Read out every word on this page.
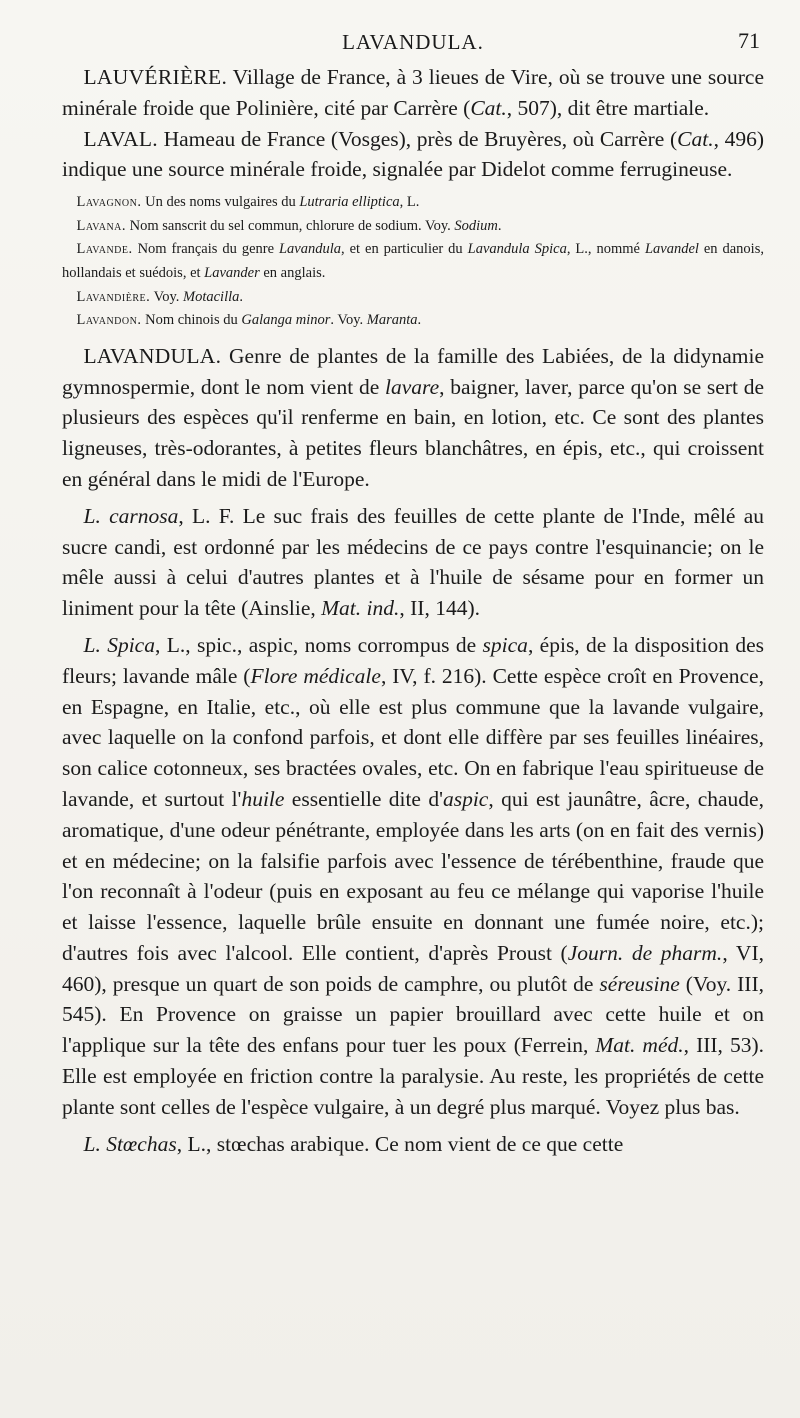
LAVANDULA.	71

 LAUVÉRIÈRE. Village de France, à 3 lieues de Vire, où se trouve une source minérale froide que Polinière, cité par Carrère (Cat., 507), dit être martiale.

 LAVAL. Hameau de France (Vosges), près de Bruyères, où Carrère (Cat., 496) indique une source minérale froide, signalée par Didelot comme ferrugineuse.

 Lavagnon. Un des noms vulgaires du Lutraria elliptica, L.

 Lavana. Nom sanscrit du sel commun, chlorure de sodium. Voy. Sodium.

 Lavande. Nom français du genre Lavandula, et en particulier du Lavandula Spica, L., nommé Lavandel en danois, hollandais et suédois, et Lavander en anglais.

 Lavandière. Voy. Motacilla.

 Lavandon. Nom chinois du Galanga minor. Voy. Maranta.

 LAVANDULA. Genre de plantes de la famille des Labiées, de la didynamie gymnospermie, dont le nom vient de lavare, baigner, laver, parce qu'on se sert de plusieurs des espèces qu'il renferme en bain, en lotion, etc. Ce sont des plantes ligneuses, très-odorantes, à petites fleurs blanchâtres, en épis, etc., qui croissent en général dans le midi de l'Europe.

 L. carnosa, L. F. Le suc frais des feuilles de cette plante de l'Inde, mêlé au sucre candi, est ordonné par les médecins de ce pays contre l'esquinancie; on le mêle aussi à celui d'autres plantes et à l'huile de sésame pour en former un liniment pour la tête (Ainslie, Mat. ind., II, 144).

 L. Spica, L., spic., aspic, noms corrompus de spica, épis, de la disposition des fleurs; lavande mâle (Flore médicale, IV, f. 216). Cette espèce croît en Provence, en Espagne, en Italie, etc., où elle est plus commune que la lavande vulgaire, avec laquelle on la confond parfois, et dont elle diffère par ses feuilles linéaires, son calice cotonneux, ses bractées ovales, etc. On en fabrique l'eau spiritueuse de lavande, et surtout l'huile essentielle dite d'aspic, qui est jaunâtre, âcre, chaude, aromatique, d'une odeur pénétrante, employée dans les arts (on en fait des vernis) et en médecine; on la falsifie parfois avec l'essence de térébenthine, fraude que l'on reconnaît à l'odeur (puis en exposant au feu ce mélange qui vaporise l'huile et laisse l'essence, laquelle brûle ensuite en donnant une fumée noire, etc.); d'autres fois avec l'alcool. Elle contient, d'après Proust (Journ. de pharm., VI, 460), presque un quart de son poids de camphre, ou plutôt de séreusine (Voy. III, 545). En Provence on graisse un papier brouillard avec cette huile et on l'applique sur la tête des enfans pour tuer les poux (Ferrein, Mat. méd., III, 53). Elle est employée en friction contre la paralysie. Au reste, les propriétés de cette plante sont celles de l'espèce vulgaire, à un degré plus marqué. Voyez plus bas.

 L. Stœchas, L., stœchas arabique. Ce nom vient de ce que cette
